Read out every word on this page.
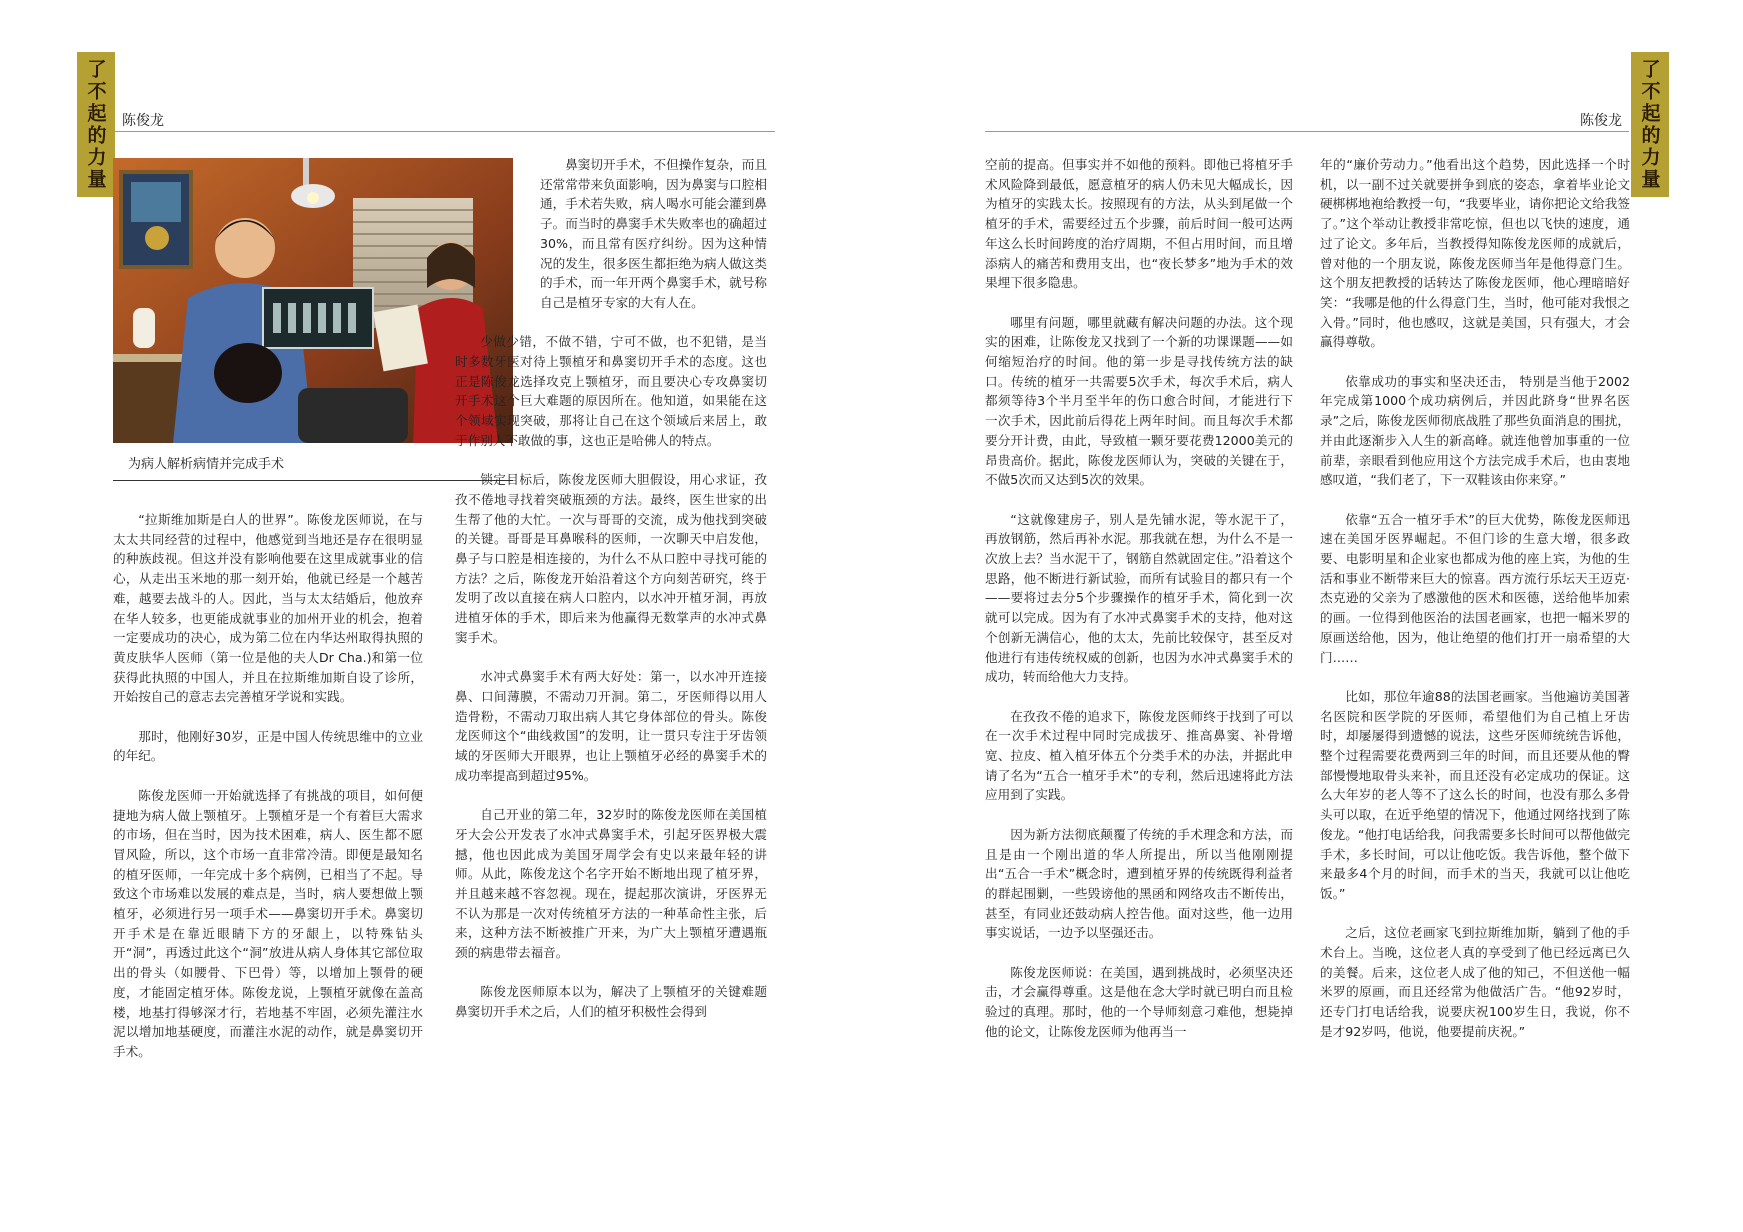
了不起的力量	了不起的力量
陈俊龙	陈俊龙
为病人解析病情并完成手术

“拉斯维加斯是白人的世界”。陈俊龙医师说，在与太太共同经营的过程中，他感觉到当地还是存在很明显的种族歧视。但这并没有影响他要在这里成就事业的信心，从走出玉米地的那一刻开始，他就已经是一个越苦难，越要去战斗的人。因此，当与太太结婚后，他放弃在华人较多，也更能成就事业的加州开业的机会，抱着一定要成功的决心，成为第二位在内华达州取得执照的黄皮肤华人医师（第一位是他的夫人Dr Cha.)和第一位获得此执照的中国人，并且在拉斯维加斯自设了诊所，开始按自己的意志去完善植牙学说和实践。

那时，他刚好30岁，正是中国人传统思维中的立业的年纪。

陈俊龙医师一开始就选择了有挑战的项目，如何便捷地为病人做上颚植牙。上颚植牙是一个有着巨大需求的市场，但在当时，因为技术困难，病人、医生都不愿冒风险，所以，这个市场一直非常冷清。即便是最知名的植牙医师，一年完成十多个病例，已相当了不起。导致这个市场难以发展的难点是，当时，病人要想做上颚植牙，必须进行另一项手术——鼻窦切开手术。鼻窦切开手术是在靠近眼睛下方的牙龈上，以特殊钻头开“洞”，再透过此这个“洞”放进从病人身体其它部位取出的骨头（如腰骨、下巴骨）等，以增加上颚骨的硬度，才能固定植牙体。陈俊龙说，上颚植牙就像在盖高楼，地基打得够深才行，若地基不牢固，必须先灌注水泥以增加地基硬度，而灌注水泥的动作，就是鼻窦切开手术。

鼻窦切开手术，不但操作复杂，而且还常常带来负面影响，因为鼻窦与口腔相通，手术若失败，病人喝水可能会灌到鼻子。而当时的鼻窦手术失败率也的确超过30%，而且常有医疗纠纷。因为这种情况的发生，很多医生都拒绝为病人做这类的手术，而一年开两个鼻窦手术，就号称自己是植牙专家的大有人在。

少做少错，不做不错，宁可不做，也不犯错，是当时多数牙医对待上颚植牙和鼻窦切开手术的态度。这也正是陈俊龙选择攻克上颚植牙，而且要决心专攻鼻窦切开手术这个巨大难题的原因所在。他知道，如果能在这个领域实现突破，那将让自己在这个领域后来居上，敢于作别人不敢做的事，这也正是哈佛人的特点。

锁定目标后，陈俊龙医师大胆假设，用心求证，孜孜不倦地寻找着突破瓶颈的方法。最终，医生世家的出生帮了他的大忙。一次与哥哥的交流，成为他找到突破的关键。哥哥是耳鼻喉科的医师，一次聊天中启发他，鼻子与口腔是相连接的，为什么不从口腔中寻找可能的方法？之后，陈俊龙开始沿着这个方向刻苦研究，终于发明了改以直接在病人口腔内，以水冲开植牙洞，再放进植牙体的手术，即后来为他赢得无数掌声的水冲式鼻窦手术。

水冲式鼻窦手术有两大好处：第一，以水冲开连接鼻、口间薄膜，不需动刀开洞。第二，牙医师得以用人造骨粉，不需动刀取出病人其它身体部位的骨头。陈俊龙医师这个“曲线救国”的发明，让一贯只专注于牙齿领域的牙医师大开眼界，也让上颚植牙必经的鼻窦手术的成功率提高到超过95%。

自己开业的第二年，32岁时的陈俊龙医师在美国植牙大会公开发表了水冲式鼻窦手术，引起牙医界极大震撼，他也因此成为美国牙周学会有史以来最年轻的讲师。从此，陈俊龙这个名字开始不断地出现了植牙界，并且越来越不容忽视。现在，提起那次演讲，牙医界无不认为那是一次对传统植牙方法的一种革命性主张，后来，这种方法不断被推广开来，为广大上颚植牙遭遇瓶颈的病患带去福音。

陈俊龙医师原本以为，解决了上颚植牙的关键难题鼻窦切开手术之后，人们的植牙积极性会得到

空前的提高。但事实并不如他的预料。即他已将植牙手术风险降到最低，愿意植牙的病人仍未见大幅成长，因为植牙的实践太长。按照现有的方法，从头到尾做一个植牙的手术，需要经过五个步骤，前后时间一般可达两年这么长时间跨度的治疗周期，不但占用时间，而且增添病人的痛苦和费用支出，也“夜长梦多”地为手术的效果埋下很多隐患。

哪里有问题，哪里就藏有解决问题的办法。这个现实的困难，让陈俊龙又找到了一个新的功课课题——如何缩短治疗的时间。他的第一步是寻找传统方法的缺口。传统的植牙一共需要5次手术，每次手术后，病人都须等待3个半月至半年的伤口愈合时间，才能进行下一次手术，因此前后得花上两年时间。而且每次手术都要分开计费，由此，导致植一颗牙要花费12000美元的昂贵高价。据此，陈俊龙医师认为，突破的关键在于，不做5次而又达到5次的效果。

“这就像建房子，别人是先铺水泥，等水泥干了，再放钢筋，然后再补水泥。那我就在想，为什么不是一次放上去？当水泥干了，钢筋自然就固定住。”沿着这个思路，他不断进行新试验，而所有试验目的都只有一个——要将过去分5个步骤操作的植牙手术，简化到一次就可以完成。因为有了水冲式鼻窦手术的支持，他对这个创新无满信心，他的太太，先前比较保守，甚至反对他进行有违传统权威的创新，也因为水冲式鼻窦手术的成功，转而给他大力支持。

在孜孜不倦的追求下，陈俊龙医师终于找到了可以在一次手术过程中同时完成拔牙、推高鼻窦、补骨增宽、拉皮、植入植牙体五个分类手术的办法，并据此申请了名为“五合一植牙手术”的专利，然后迅速将此方法应用到了实践。

因为新方法彻底颠覆了传统的手术理念和方法，而且是由一个刚出道的华人所提出，所以当他刚刚提出“五合一手术”概念时，遭到植牙界的传统既得利益者的群起围剿，一些毁谤他的黑函和网络攻击不断传出，甚至，有同业还鼓动病人控告他。面对这些，他一边用事实说话，一边予以坚强还击。

陈俊龙医师说：在美国，遇到挑战时，必须坚决还击，才会赢得尊重。这是他在念大学时就已明白而且检验过的真理。那时，他的一个导师刻意刁难他，想毙掉他的论文，让陈俊龙医师为他再当一

年的“廉价劳动力。”他看出这个趋势，因此选择一个时机，以一副不过关就要拼争到底的姿态，拿着毕业论文硬梆梆地袍给教授一句，“我要毕业，请你把论文给我签了。”这个举动让教授非常吃惊，但也以飞快的速度，通过了论文。多年后，当教授得知陈俊龙医师的成就后，曾对他的一个朋友说，陈俊龙医师当年是他得意门生。这个朋友把教授的话转达了陈俊龙医师，他心理暗暗好笑：“我哪是他的什么得意门生，当时，他可能对我恨之入骨。”同时，他也感叹，这就是美国，只有强大，才会赢得尊敬。

依靠成功的事实和坚决还击， 特别是当他于2002年完成第1000个成功病例后，并因此跻身“世界名医录”之后，陈俊龙医师彻底战胜了那些负面消息的围扰，并由此逐渐步入人生的新高峰。就连他曾加事重的一位前辈，亲眼看到他应用这个方法完成手术后，也由衷地感叹道，“我们老了，下一双鞋该由你来穿。”

依靠“五合一植牙手术”的巨大优势，陈俊龙医师迅速在美国牙医界崛起。不但门诊的生意大增，很多政要、电影明星和企业家也都成为他的座上宾，为他的生活和事业不断带来巨大的惊喜。西方流行乐坛天王迈克·杰克逊的父亲为了感激他的医术和医德，送给他毕加索的画。一位得到他医治的法国老画家，也把一幅米罗的原画送给他，因为，他让绝望的他们打开一扇希望的大门……

比如，那位年逾88的法国老画家。当他遍访美国著名医院和医学院的牙医师，希望他们为自己植上牙齿时，却屡屡得到遗憾的说法，这些牙医师统统告诉他，整个过程需要花费两到三年的时间，而且还要从他的臀部慢慢地取骨头来补，而且还没有必定成功的保证。这么大年岁的老人等不了这么长的时间，也没有那么多骨头可以取，在近乎绝望的情况下，他通过网络找到了陈俊龙。“他打电话给我，问我需要多长时间可以帮他做完手术，多长时间，可以让他吃饭。我告诉他，整个做下来最多4个月的时间，而手术的当天，我就可以让他吃饭。”

之后，这位老画家飞到拉斯维加斯，躺到了他的手术台上。当晚，这位老人真的享受到了他已经远离已久的美餐。后来，这位老人成了他的知己，不但送他一幅米罗的原画，而且还经常为他做活广告。“他92岁时，还专门打电话给我，说要庆祝100岁生日，我说，你不是才92岁吗，他说，他要提前庆祝。”
